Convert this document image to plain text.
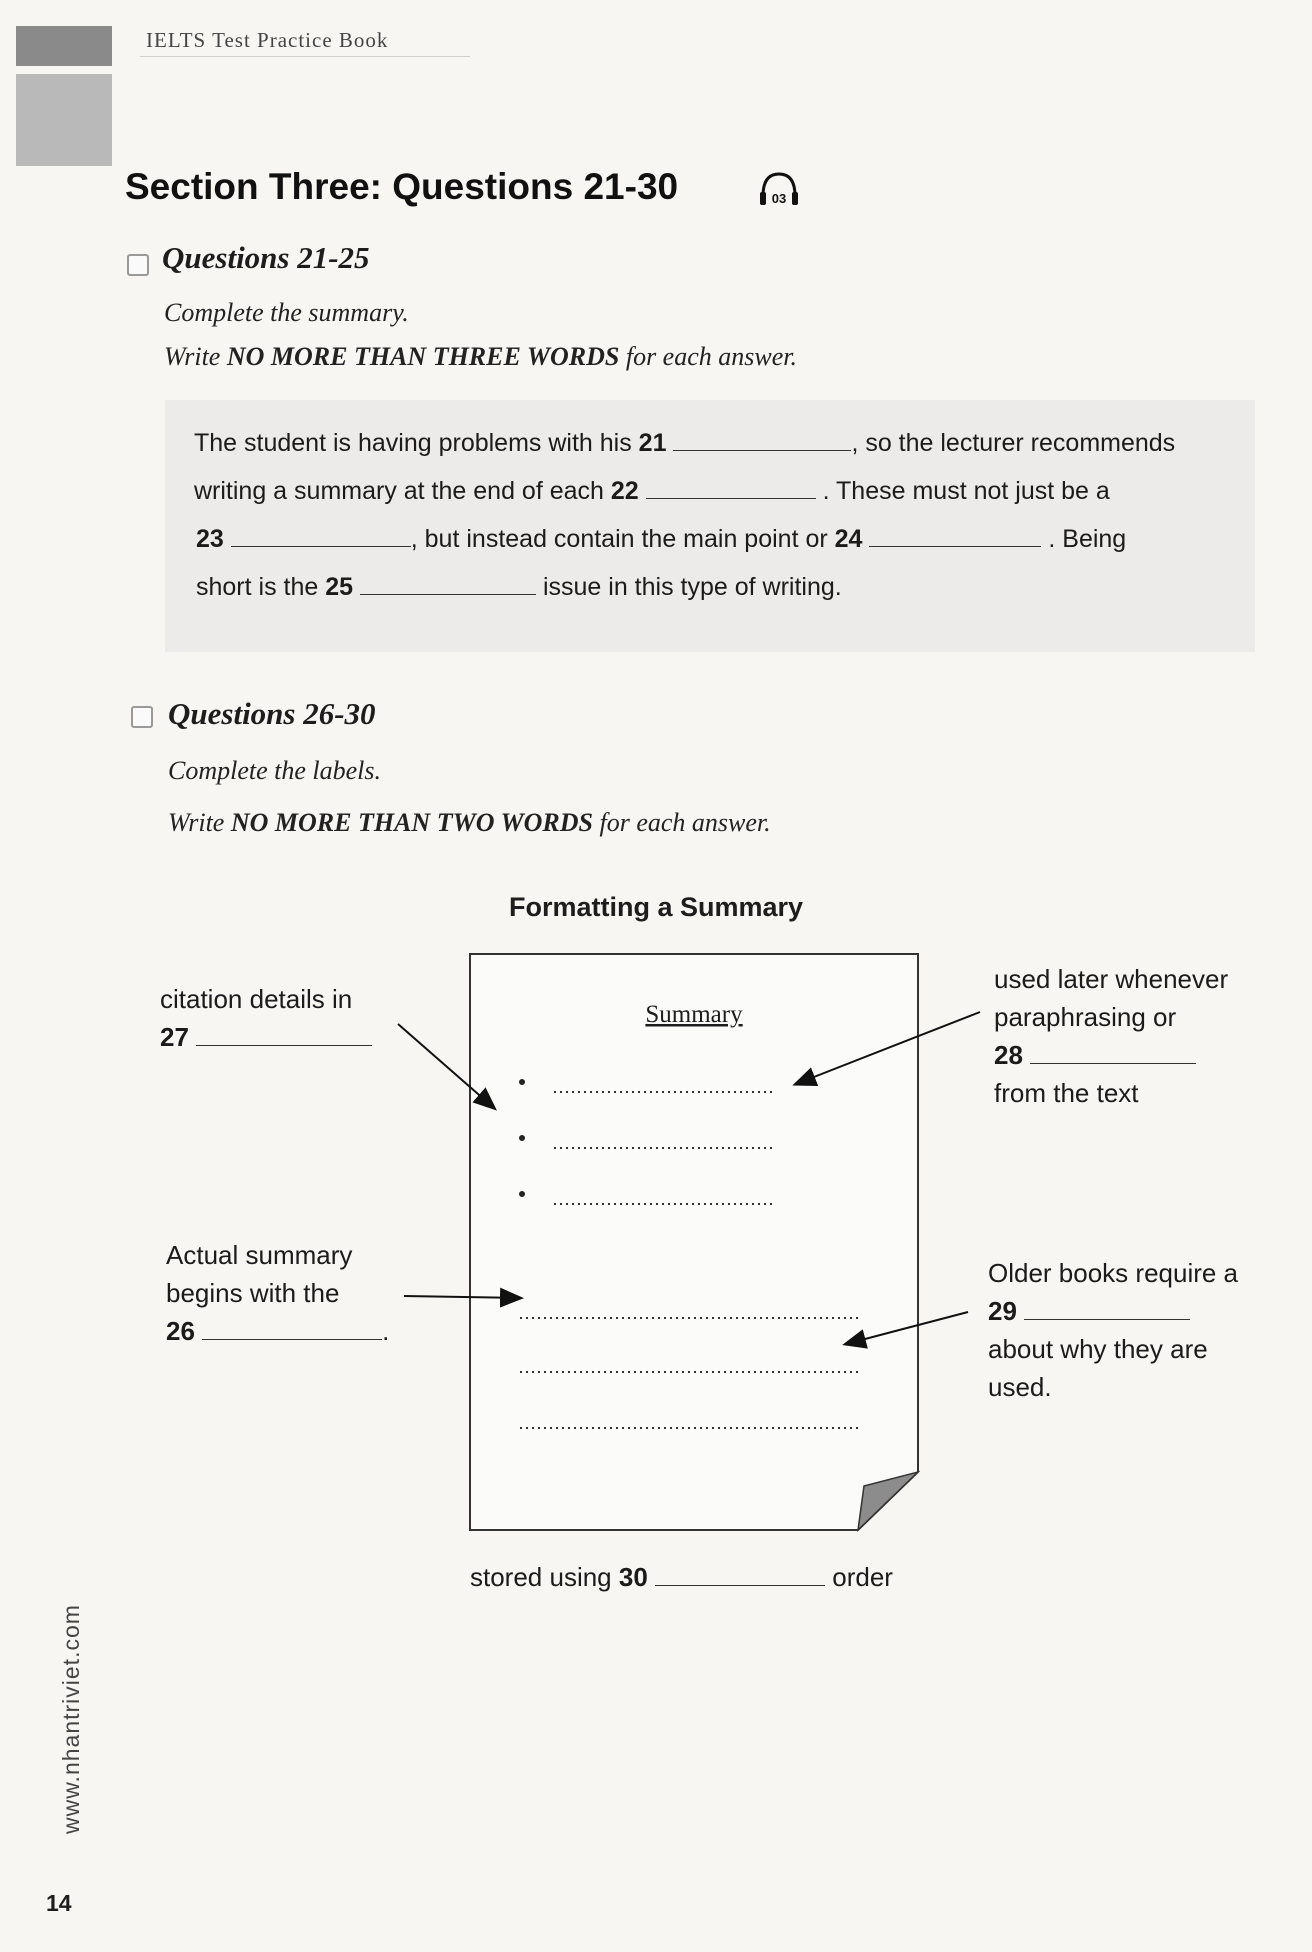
IELTS Test Practice Book
Section Three: Questions 21-30	03
Questions 21-25
Complete the summary.
Write NO MORE THAN THREE WORDS for each answer.
The student is having problems with his 21	, so the lecturer recommends
writing a summary at the end of each 22	. These must not just be a
23	, but instead contain the main point or 24	. Being
short is the 25	issue in this type of writing.
Questions 26-30
Complete the labels.
Write NO MORE THAN TWO WORDS for each answer.
Formatting a Summary
Summary
citation details in
27
used later whenever
paraphrasing or
28
from the text
Actual summary
begins with the
26	.
Older books require a
29
about why they are
used.
stored using 30	order
www.nhantriviet.com
14
